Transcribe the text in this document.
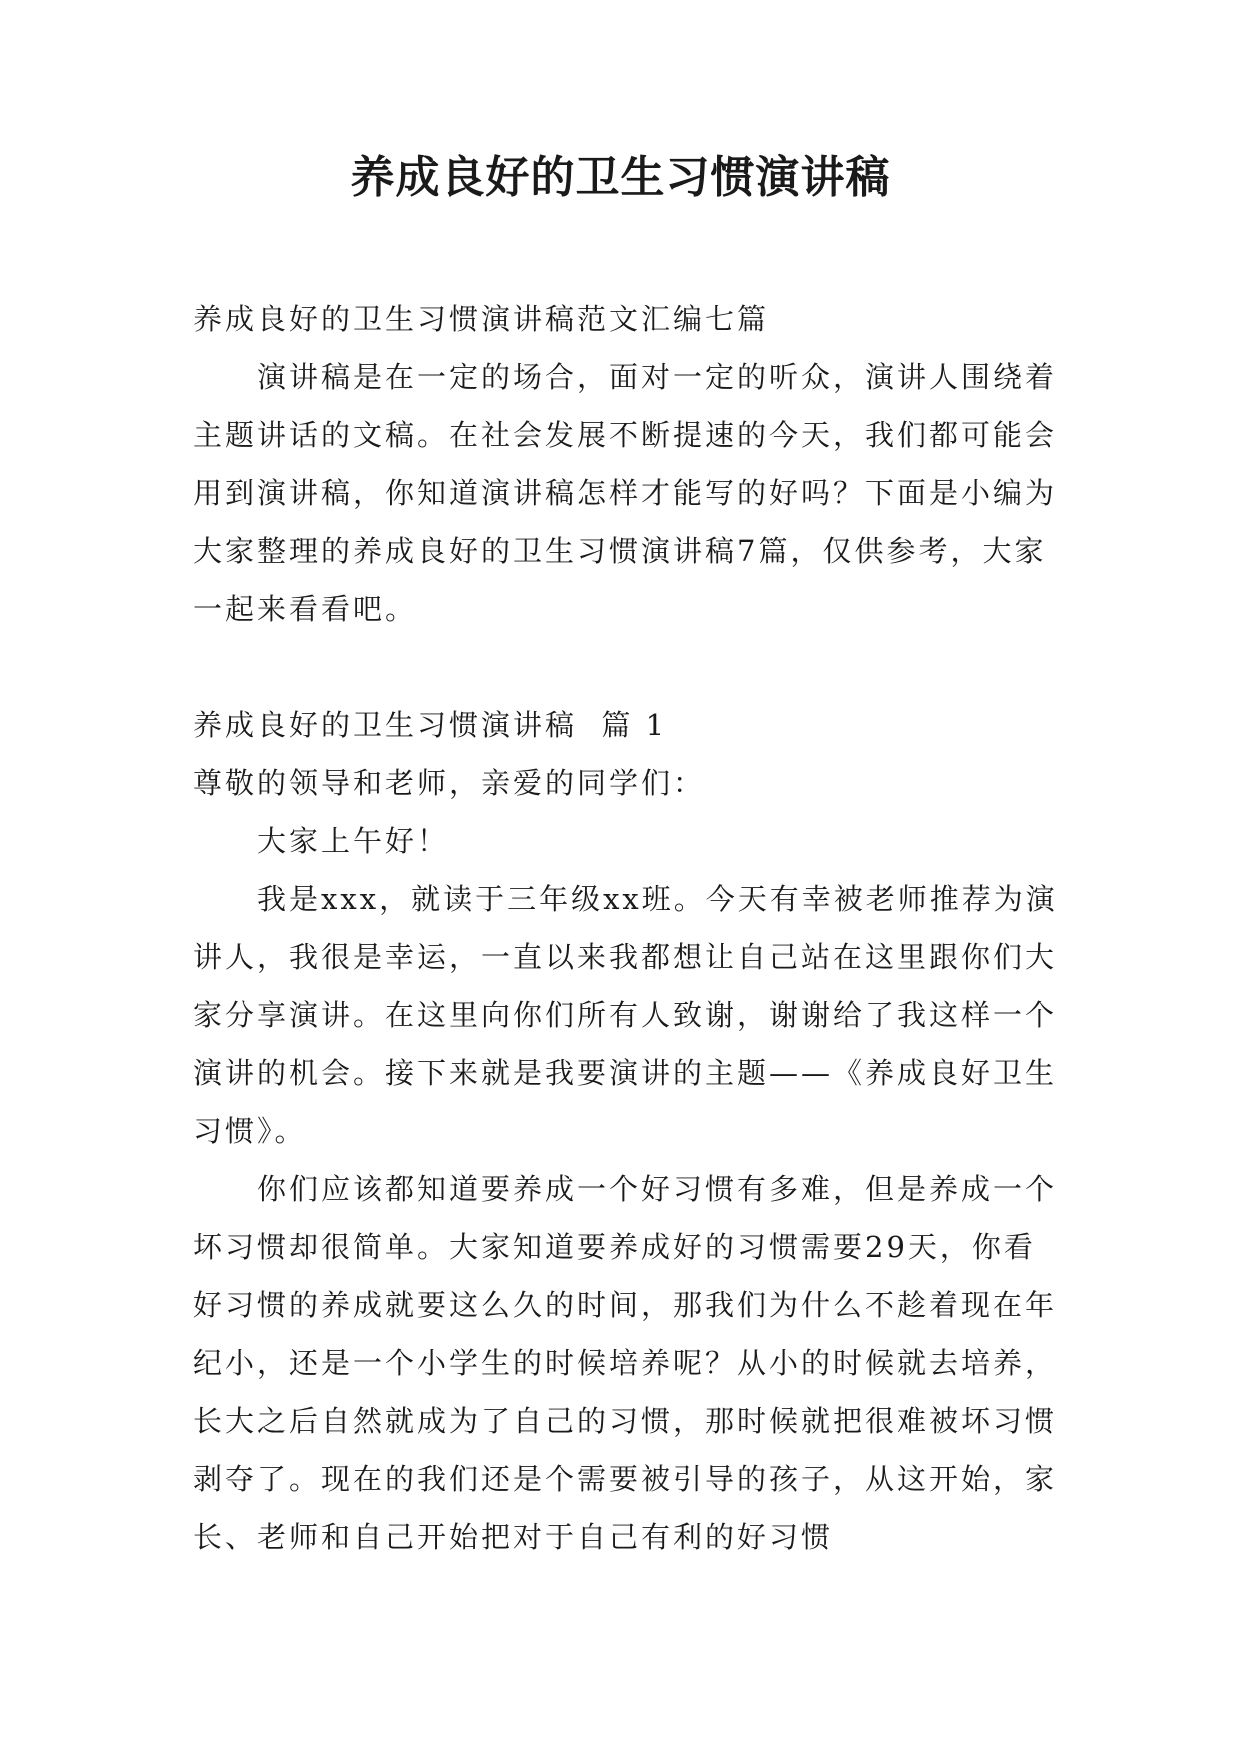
养成良好的卫生习惯演讲稿

养成良好的卫生习惯演讲稿范文汇编七篇

演讲稿是在一定的场合，面对一定的听众，演讲人围绕着主题讲话的文稿。在社会发展不断提速的今天，我们都可能会用到演讲稿，你知道演讲稿怎样才能写的好吗？下面是小编为大家整理的养成良好的卫生习惯演讲稿7篇，仅供参考，大家一起来看看吧。

养成良好的卫生习惯演讲稿  篇 1

尊敬的领导和老师，亲爱的同学们：

大家上午好！

我是xxx，就读于三年级xx班。今天有幸被老师推荐为演讲人，我很是幸运，一直以来我都想让自己站在这里跟你们大家分享演讲。在这里向你们所有人致谢，谢谢给了我这样一个演讲的机会。接下来就是我要演讲的主题——《养成良好卫生习惯》。

你们应该都知道要养成一个好习惯有多难，但是养成一个坏习惯却很简单。大家知道要养成好的习惯需要29天，你看好习惯的养成就要这么久的时间，那我们为什么不趁着现在年纪小，还是一个小学生的时候培养呢？从小的时候就去培养，长大之后自然就成为了自己的习惯，那时候就把很难被坏习惯剥夺了。现在的我们还是个需要被引导的孩子，从这开始，家长、老师和自己开始把对于自己有利的好习惯
